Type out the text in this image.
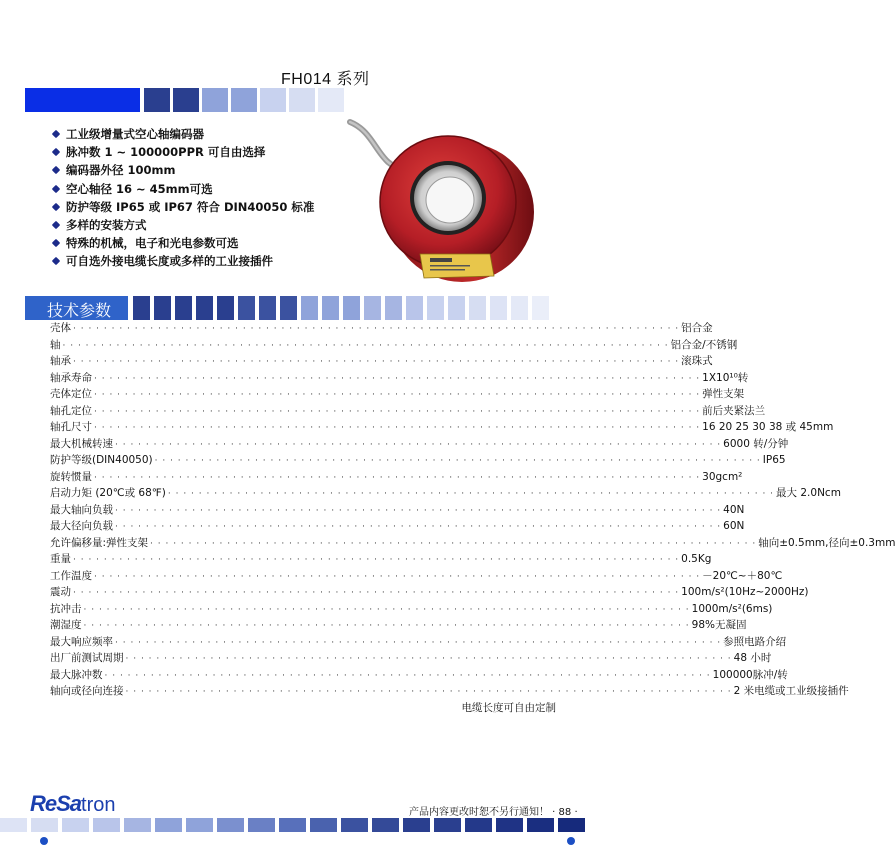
FH014 系列
工业级增量式空心轴编码器
脉冲数 1 ~ 100000PPR 可自由选择
编码器外径 100mm
空心轴径 16 ~ 45mm可选
防护等级 IP65 或 IP67 符合 DIN40050 标准
多样的安装方式
特殊的机械，电子和光电参数可选
可自选外接电缆长度或多样的工业接插件
技术参数
壳体 · · · · · · · · · · · · · · · · · · · · · · · · · · · · · · · · · · · · · · · · · · · · · · · · · · · · · · · · · · · · · · · · · · · · · · · · · · · · · · · 铝合金
轴 · · · · · · · · · · · · · · · · · · · · · · · · · · · · · · · · · · · · · · · · · · · · · · · · · · · · · · · · · · · · · · · · · · · · · · · · · · · · · · · 铝合金/不锈钢
轴承 · · · · · · · · · · · · · · · · · · · · · · · · · · · · · · · · · · · · · · · · · · · · · · · · · · · · · · · · · · · · · · · · · · · · · · · · · · · · · · · 滚珠式
轴承寿命 · · · · · · · · · · · · · · · · · · · · · · · · · · · · · · · · · · · · · · · · · · · · · · · · · · · · · · · · · · · · · · · · · · · · · · · · · · · · · · · 1X10¹⁰转
壳体定位 · · · · · · · · · · · · · · · · · · · · · · · · · · · · · · · · · · · · · · · · · · · · · · · · · · · · · · · · · · · · · · · · · · · · · · · · · · · · · · · 弹性支架
轴孔定位 · · · · · · · · · · · · · · · · · · · · · · · · · · · · · · · · · · · · · · · · · · · · · · · · · · · · · · · · · · · · · · · · · · · · · · · · · · · · · · · 前后夹紧法兰
轴孔尺寸 · · · · · · · · · · · · · · · · · · · · · · · · · · · · · · · · · · · · · · · · · · · · · · · · · · · · · · · · · · · · · · · · · · · · · · · · · · · · · · · 16 20 25 30 38 或 45mm
最大机械转速 · · · · · · · · · · · · · · · · · · · · · · · · · · · · · · · · · · · · · · · · · · · · · · · · · · · · · · · · · · · · · · · · · · · · · · · · · · · · · · · 6000 转/分钟
防护等级(DIN40050) · · · · · · · · · · · · · · · · · · · · · · · · · · · · · · · · · · · · · · · · · · · · · · · · · · · · · · · · · · · · · · · · · · · · · · · · · · · · · · · IP65
旋转惯量 · · · · · · · · · · · · · · · · · · · · · · · · · · · · · · · · · · · · · · · · · · · · · · · · · · · · · · · · · · · · · · · · · · · · · · · · · · · · · · · 30gcm²
启动力矩 (20℃或 68℉) · · · · · · · · · · · · · · · · · · · · · · · · · · · · · · · · · · · · · · · · · · · · · · · · · · · · · · · · · · · · · · · · · · · · · · · · · · · · · · · 最大 2.0Ncm
最大轴向负载 · · · · · · · · · · · · · · · · · · · · · · · · · · · · · · · · · · · · · · · · · · · · · · · · · · · · · · · · · · · · · · · · · · · · · · · · · · · · · · · 40N
最大径向负载 · · · · · · · · · · · · · · · · · · · · · · · · · · · · · · · · · · · · · · · · · · · · · · · · · · · · · · · · · · · · · · · · · · · · · · · · · · · · · · · 60N
允许偏移量:弹性支架 · · · · · · · · · · · · · · · · · · · · · · · · · · · · · · · · · · · · · · · · · · · · · · · · · · · · · · · · · · · · · · · · · · · · · · · · · · · · · · · 轴向±0.5mm,径向±0.3mm
重量 · · · · · · · · · · · · · · · · · · · · · · · · · · · · · · · · · · · · · · · · · · · · · · · · · · · · · · · · · · · · · · · · · · · · · · · · · · · · · · · 0.5Kg
工作温度 · · · · · · · · · · · · · · · · · · · · · · · · · · · · · · · · · · · · · · · · · · · · · · · · · · · · · · · · · · · · · · · · · · · · · · · · · · · · · · · －20℃~＋80℃
震动 · · · · · · · · · · · · · · · · · · · · · · · · · · · · · · · · · · · · · · · · · · · · · · · · · · · · · · · · · · · · · · · · · · · · · · · · · · · · · · · 100m/s²(10Hz~2000Hz)
抗冲击 · · · · · · · · · · · · · · · · · · · · · · · · · · · · · · · · · · · · · · · · · · · · · · · · · · · · · · · · · · · · · · · · · · · · · · · · · · · · · · · 1000m/s²(6ms)
潮湿度 · · · · · · · · · · · · · · · · · · · · · · · · · · · · · · · · · · · · · · · · · · · · · · · · · · · · · · · · · · · · · · · · · · · · · · · · · · · · · · · 98%无凝固
最大响应频率 · · · · · · · · · · · · · · · · · · · · · · · · · · · · · · · · · · · · · · · · · · · · · · · · · · · · · · · · · · · · · · · · · · · · · · · · · · · · · · · 参照电路介绍
出厂前测试周期 · · · · · · · · · · · · · · · · · · · · · · · · · · · · · · · · · · · · · · · · · · · · · · · · · · · · · · · · · · · · · · · · · · · · · · · · · · · · · · · 48 小时
最大脉冲数 · · · · · · · · · · · · · · · · · · · · · · · · · · · · · · · · · · · · · · · · · · · · · · · · · · · · · · · · · · · · · · · · · · · · · · · · · · · · · · · 100000脉冲/转
轴向或径向连接 · · · · · · · · · · · · · · · · · · · · · · · · · · · · · · · · · · · · · · · · · · · · · · · · · · · · · · · · · · · · · · · · · · · · · · · · · · · · · · · 2 米电缆或工业级接插件
电缆长度可自由定制
ReSatron	产品内容更改时恕不另行通知！ · 88 ·
